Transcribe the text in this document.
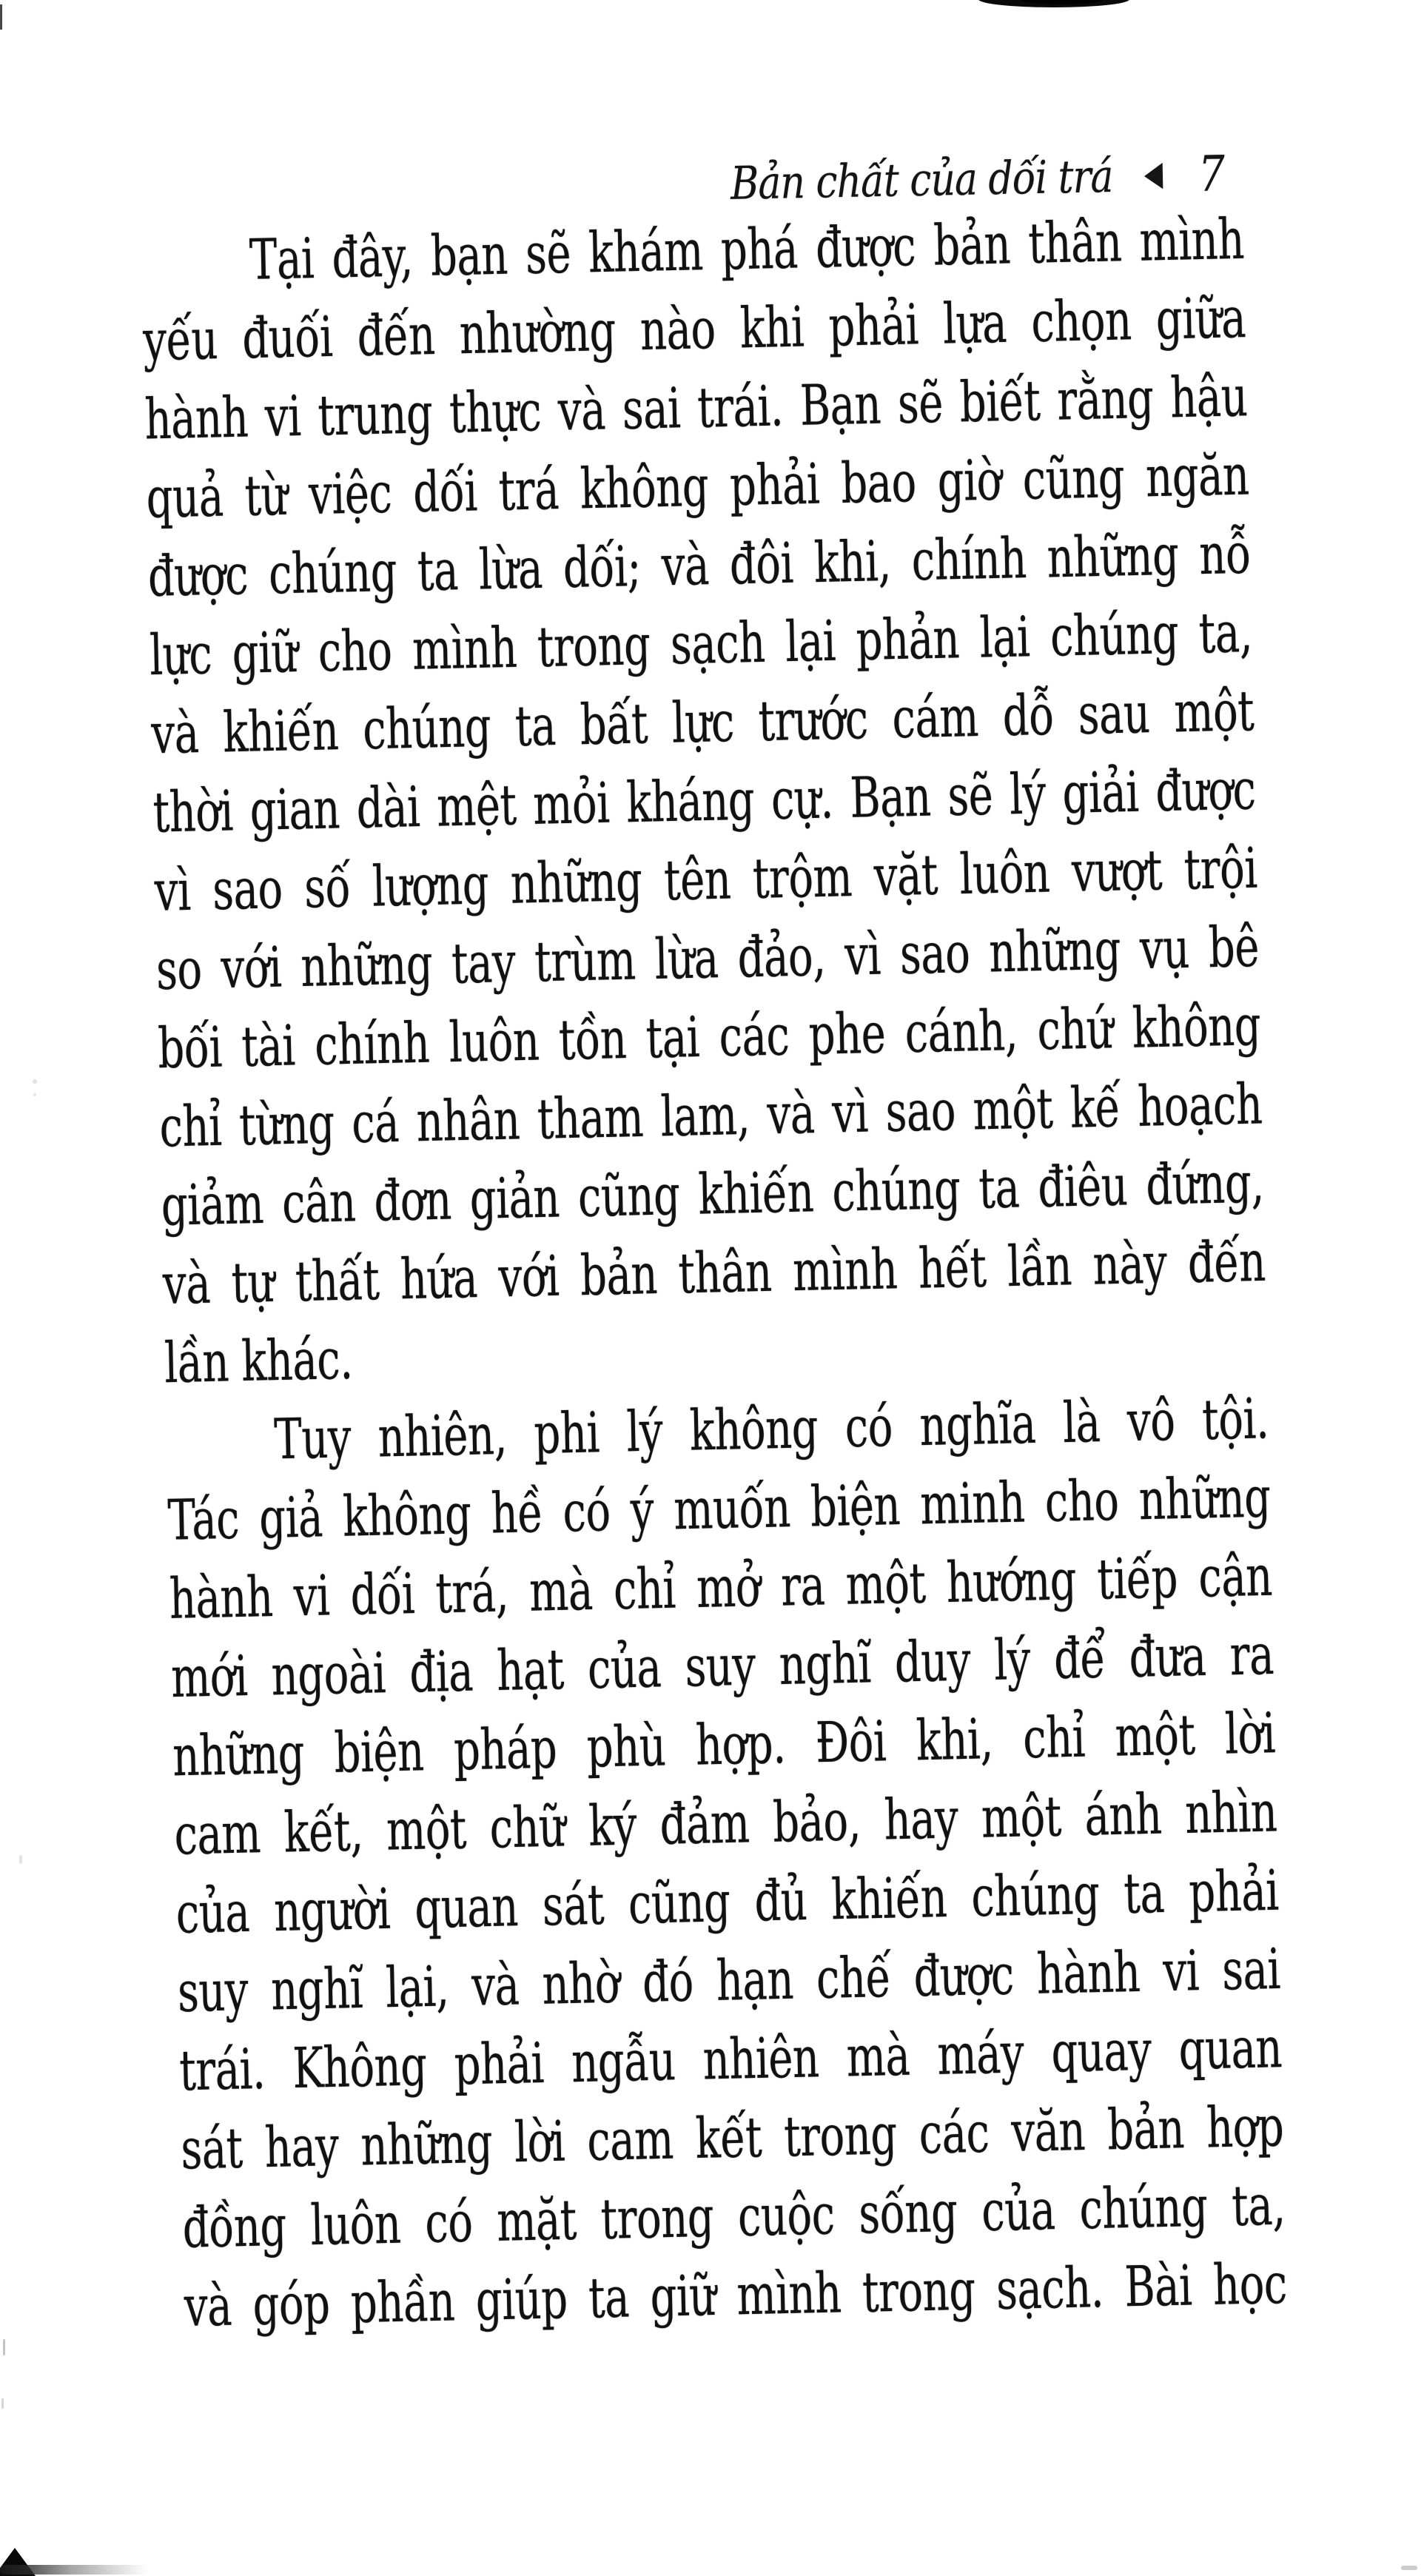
Bản chất của dối trá 7
Tại đây, bạn sẽ khám phá được bản thân mình
yếu đuối đến nhường nào khi phải lựa chọn giữa
hành vi trung thực và sai trái. Bạn sẽ biết rằng hậu
quả từ việc dối trá không phải bao giờ cũng ngăn
được chúng ta lừa dối; và đôi khi, chính những nỗ
lực giữ cho mình trong sạch lại phản lại chúng ta,
và khiến chúng ta bất lực trước cám dỗ sau một
thời gian dài mệt mỏi kháng cự. Bạn sẽ lý giải được
vì sao số lượng những tên trộm vặt luôn vượt trội
so với những tay trùm lừa đảo, vì sao những vụ bê
bối tài chính luôn tồn tại các phe cánh, chứ không
chỉ từng cá nhân tham lam, và vì sao một kế hoạch
giảm cân đơn giản cũng khiến chúng ta điêu đứng,
và tự thất hứa với bản thân mình hết lần này đến
lần khác.
Tuy nhiên, phi lý không có nghĩa là vô tội.
Tác giả không hề có ý muốn biện minh cho những
hành vi dối trá, mà chỉ mở ra một hướng tiếp cận
mới ngoài địa hạt của suy nghĩ duy lý để đưa ra
những biện pháp phù hợp. Đôi khi, chỉ một lời
cam kết, một chữ ký đảm bảo, hay một ánh nhìn
của người quan sát cũng đủ khiến chúng ta phải
suy nghĩ lại, và nhờ đó hạn chế được hành vi sai
trái. Không phải ngẫu nhiên mà máy quay quan
sát hay những lời cam kết trong các văn bản hợp
đồng luôn có mặt trong cuộc sống của chúng ta,
và góp phần giúp ta giữ mình trong sạch. Bài học
